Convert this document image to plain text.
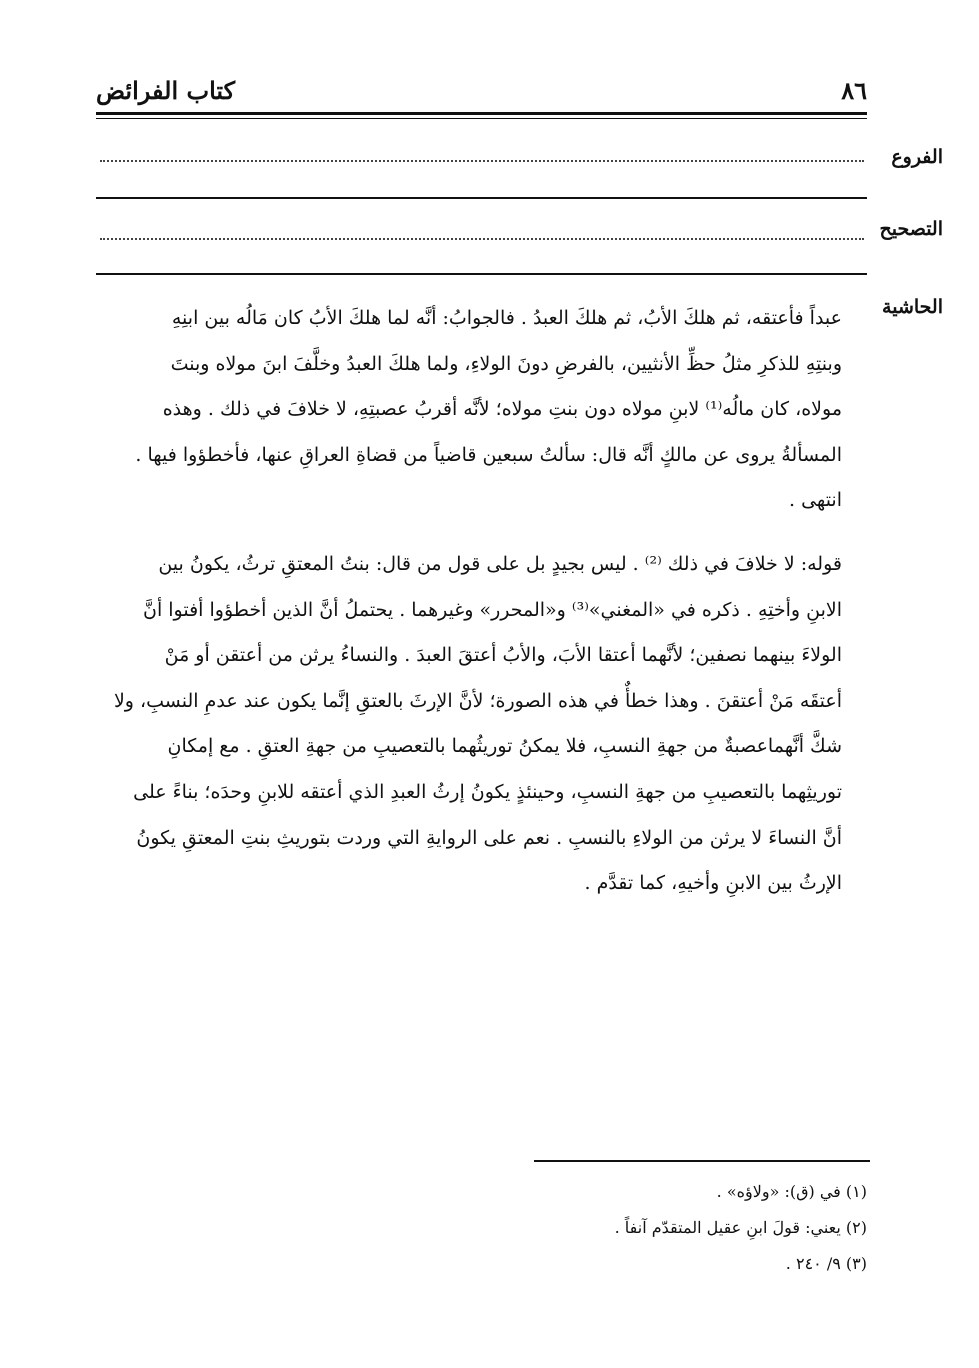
٨٦
كتاب الفرائض
الفروع
التصحيح
الحاشية

عبداً فأعتقه، ثم هلكَ الأبُ، ثم هلكَ العبدُ . فالجوابُ: أنَّه لما هلكَ الأبُ كان مَالُه بين ابنِهِ

وبنتِهِ للذكرِ مثلُ حظِّ الأنثيين، بالفرضِ دونَ الولاءِ، ولما هلكَ العبدُ وخلَّفَ ابنَ مولاه وبنتَ

مولاه، كان مالُه⁽¹⁾ لابنِ مولاه دون بنتِ مولاه؛ لأنَّه أقربُ عصبتِهِ، لا خلافَ في ذلك . وهذه

المسألةُ يروى عن مالكٍ أنَّه قال: سألتُ سبعين قاضياً من قضاةِ العراقِ عنها، فأخطؤوا فيها .

انتهى .

قوله: لا خلافَ في ذلك ⁽²⁾ . ليس بجيدٍ بل على قول من قال: بنتُ المعتقِ ترثُ، يكونُ بين

الابنِ وأختِهِ . ذكره في «المغني»⁽³⁾ و«المحرر» وغيرهما . يحتملُ أنَّ الذين أخطؤوا أفتوا أنَّ

الولاءَ بينهما نصفين؛ لأنَّهما أعتقا الأبَ، والأبُ أعتقَ العبدَ . والنساءُ يرثن من أعتقن أو مَنْ

أعتقَه مَنْ أعتقنَ . وهذا خطأٌ في هذه الصورة؛ لأنَّ الإرثَ بالعتقِ إنَّما يكون عند عدمِ النسبِ، ولا

شكَّ أنَّهماعصبةٌ من جهةِ النسبِ، فلا يمكنُ توريثُهما بالتعصيبِ من جهةِ العتقِ . مع إمكانِ

توريثِهما بالتعصيبِ من جهةِ النسبِ، وحينئذٍ يكونُ إرثُ العبدِ الذي أعتقه للابنِ وحدَه؛ بناءً على

أنَّ النساءَ لا يرثن من الولاءِ بالنسبِ . نعم على الروايةِ التي وردت بتوريثِ بنتِ المعتقِ يكونُ

الإرثُ بين الابنِ وأخيهِ، كما تقدَّم .

(١) في (ق): «ولاؤه» .
(٢) يعني: قولَ ابنِ عقيل المتقدّم آنفاً .
(٣) ٩/ ٢٤٠ .
